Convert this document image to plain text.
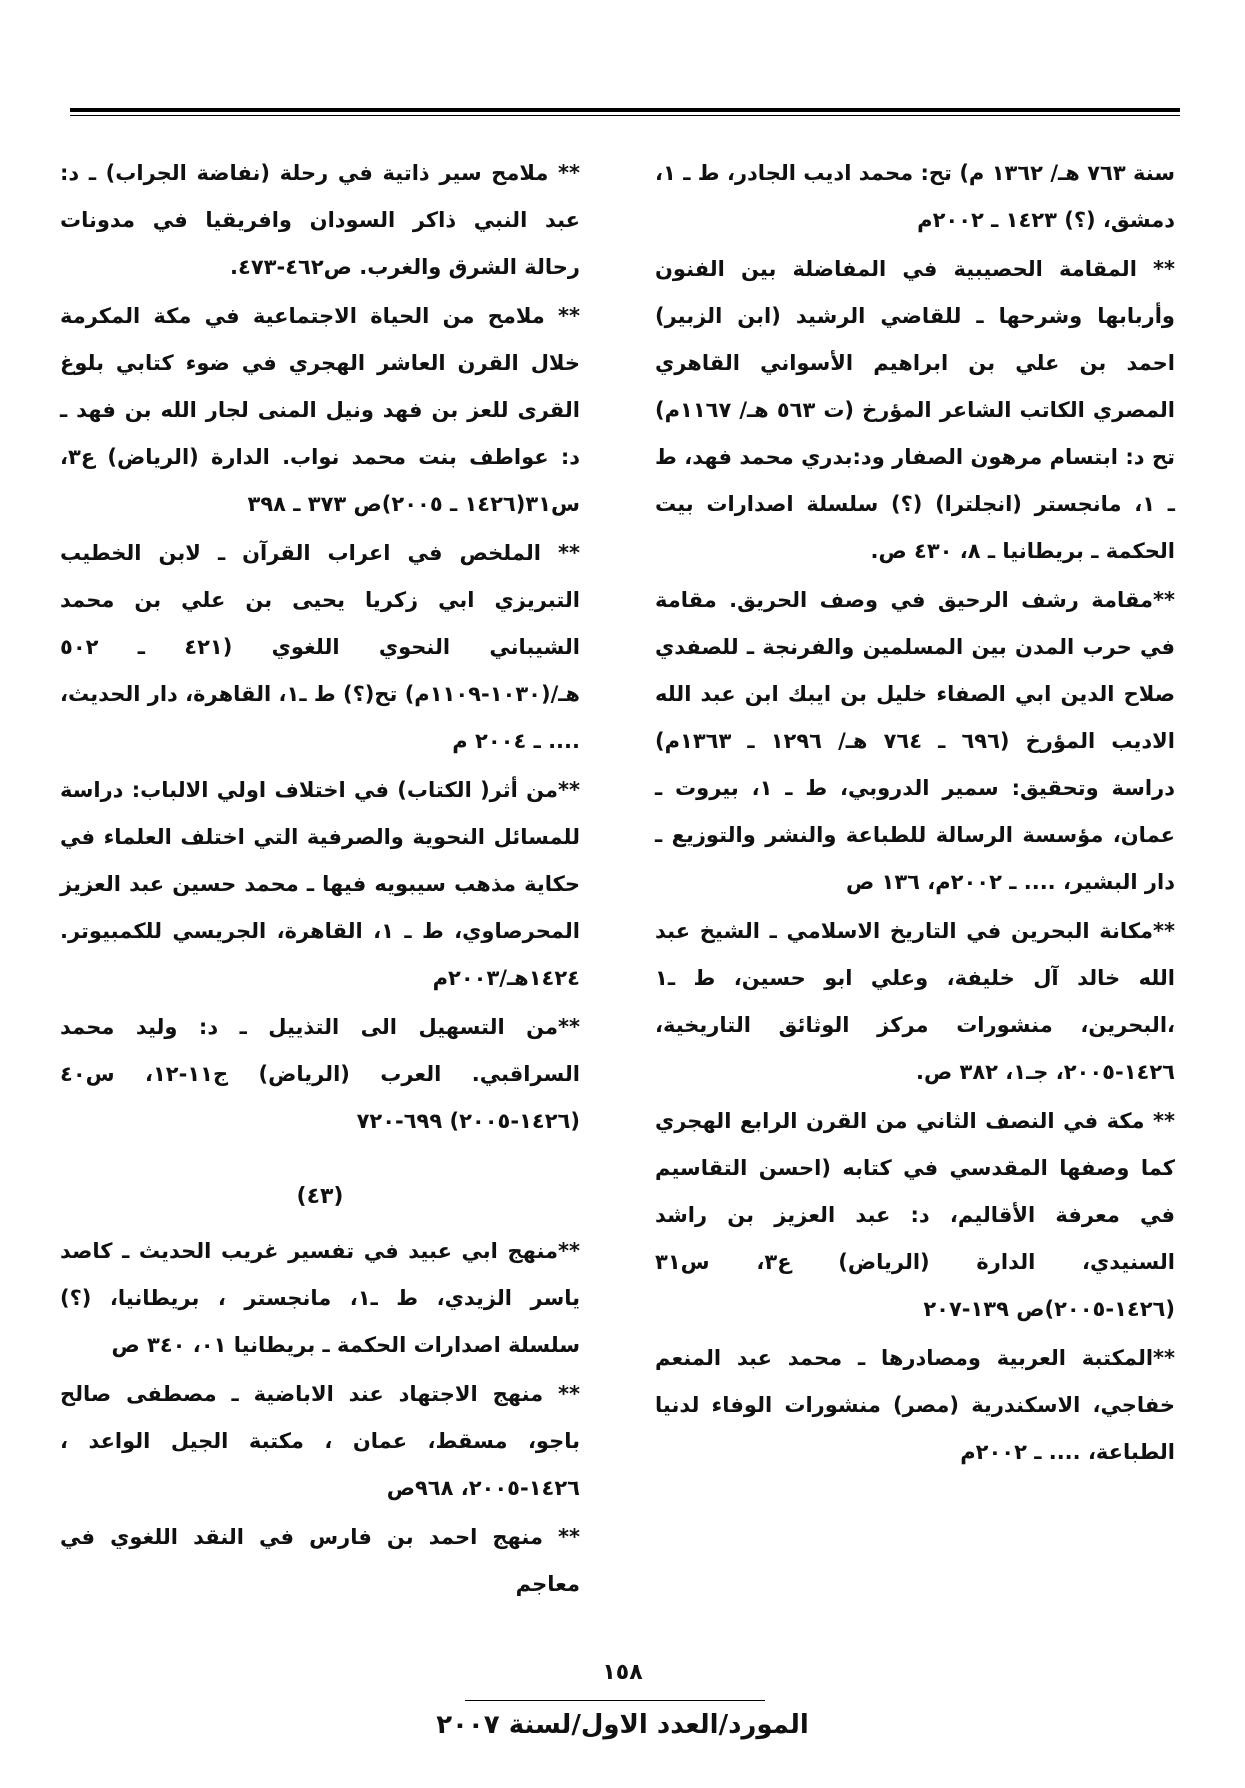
سنة ٧٦٣ هـ/ ١٣٦٢ م) تح: محمد اديب الجادر، ط ـ ١، دمشق، (؟) ١٤٢٣ ـ ٢٠٠٢م

** المقامة الحصيبية في المفاضلة بين الفنون وأربابها وشرحها ـ للقاضي الرشيد (ابن الزبير) احمد بن علي بن ابراهيم الأسواني القاهري المصري الكاتب الشاعر المؤرخ (ت ٥٦٣ هـ/ ١١٦٧م) تح د: ابتسام مرهون الصفار ود:بدري محمد فهد، ط ـ ١، مانجستر (انجلترا) (؟) سلسلة اصدارات بيت الحكمة ـ بريطانيا ـ ٨، ٤٣٠ ص.

**مقامة رشف الرحيق في وصف الحريق. مقامة في حرب المدن بين المسلمين والفرنجة ـ للصفدي صلاح الدين ابي الصفاء خليل بن ايبك ابن عبد الله الاديب المؤرخ (٦٩٦ ـ ٧٦٤ هـ/ ١٢٩٦ ـ ١٣٦٣م) دراسة وتحقيق: سمير الدروبي، ط ـ ١، بيروت ـ عمان، مؤسسة الرسالة للطباعة والنشر والتوزيع ـ دار البشير، .... ـ ٢٠٠٢م، ١٣٦ ص

**مكانة البحرين في التاريخ الاسلامي ـ الشيخ عبد الله خالد آل خليفة، وعلي ابو حسين، ط ـ١ ،البحرين، منشورات مركز الوثائق التاريخية، ١٤٢٦-٢٠٠٥، جـ١، ٣٨٢ ص.

** مكة في النصف الثاني من القرن الرابع الهجري كما وصفها المقدسي في كتابه (احسن التقاسيم في معرفة الأقاليم، د: عبد العزيز بن راشد السنيدي، الدارة (الرياض) ع٣، س٣١ (١٤٢٦-٢٠٠٥)ص ١٣٩-٢٠٧

**المكتبة العربية ومصادرها ـ محمد عبد المنعم خفاجي، الاسكندرية (مصر) منشورات الوفاء لدنيا الطباعة، .... ـ ٢٠٠٢م

** ملامح سير ذاتية في رحلة (نفاضة الجراب) ـ د: عبد النبي ذاكر السودان وافريقيا في مدونات رحالة الشرق والغرب. ص٤٦٢-٤٧٣.

** ملامح من الحياة الاجتماعية في مكة المكرمة خلال القرن العاشر الهجري في ضوء كتابي بلوغ القرى للعز بن فهد ونيل المنى لجار الله بن فهد ـ د: عواطف بنت محمد نواب. الدارة (الرياض) ع٣، س٣١(١٤٢٦ ـ ٢٠٠٥)ص ٣٧٣ ـ ٣٩٨

** الملخص في اعراب القرآن ـ لابن الخطيب التبريزي ابي زكريا يحيى بن علي بن محمد الشيباني النحوي اللغوي (٤٢١ ـ ٥٠٢ هـ/(١٠٣٠-١١٠٩م) تح(؟) ط ـ١، القاهرة، دار الحديث، .... ـ ٢٠٠٤ م

**من أثر( الكتاب) في اختلاف اولي الالباب: دراسة للمسائل النحوية والصرفية التي اختلف العلماء في حكاية مذهب سيبويه فيها ـ محمد حسين عبد العزيز المحرصاوي، ط ـ ١، القاهرة، الجريسي للكمبيوتر. ١٤٢٤هـ/٢٠٠٣م

**من التسهيل الى التذييل ـ د: وليد محمد السراقبي. العرب (الرياض) ج١١-١٢، س٤٠ (١٤٢٦-٢٠٠٥) ٦٩٩-٧٢٠

(٤٣)

**منهج ابي عبيد في تفسير غريب الحديث ـ كاصد ياسر الزيدي، ط ـ١، مانجستر ، بريطانيا، (؟) سلسلة اصدارات الحكمة ـ بريطانيا ٠١، ٣٤٠ ص

** منهج الاجتهاد عند الاباضية ـ مصطفى صالح باجو، مسقط، عمان ، مكتبة الجيل الواعد ، ١٤٢٦-٢٠٠٥، ٩٦٨ص

** منهج احمد بن فارس في النقد اللغوي في معاجم

١٥٨
المورد/العدد الاول/لسنة ٢٠٠٧
